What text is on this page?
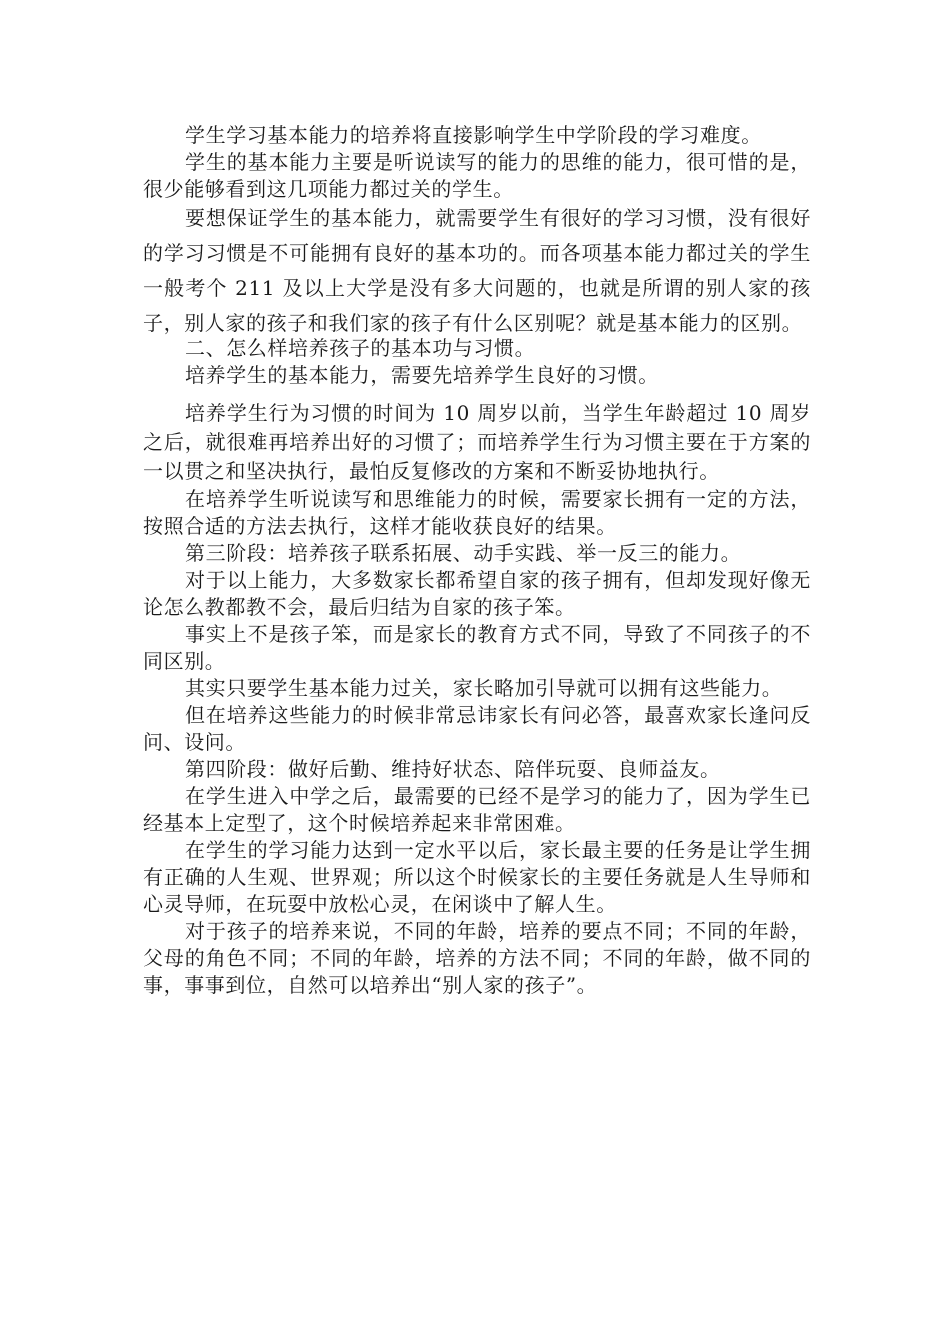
学生学习基本能力的培养将直接影响学生中学阶段的学习难度。

学生的基本能力主要是听说读写的能力的思维的能力，很可惜的是，很少能够看到这几项能力都过关的学生。

要想保证学生的基本能力，就需要学生有很好的学习习惯，没有很好的学习习惯是不可能拥有良好的基本功的。而各项基本能力都过关的学生一般考个 211 及以上大学是没有多大问题的，也就是所谓的别人家的孩子，别人家的孩子和我们家的孩子有什么区别呢？就是基本能力的区别。

二、怎么样培养孩子的基本功与习惯。

培养学生的基本能力，需要先培养学生良好的习惯。

培养学生行为习惯的时间为 10 周岁以前，当学生年龄超过 10 周岁之后，就很难再培养出好的习惯了；而培养学生行为习惯主要在于方案的一以贯之和坚决执行，最怕反复修改的方案和不断妥协地执行。

在培养学生听说读写和思维能力的时候，需要家长拥有一定的方法，按照合适的方法去执行，这样才能收获良好的结果。

第三阶段：培养孩子联系拓展、动手实践、举一反三的能力。

对于以上能力，大多数家长都希望自家的孩子拥有，但却发现好像无论怎么教都教不会，最后归结为自家的孩子笨。

事实上不是孩子笨，而是家长的教育方式不同，导致了不同孩子的不同区别。

其实只要学生基本能力过关，家长略加引导就可以拥有这些能力。

但在培养这些能力的时候非常忌讳家长有问必答，最喜欢家长逢问反问、设问。

第四阶段：做好后勤、维持好状态、陪伴玩耍、良师益友。

在学生进入中学之后，最需要的已经不是学习的能力了，因为学生已经基本上定型了，这个时候培养起来非常困难。

在学生的学习能力达到一定水平以后，家长最主要的任务是让学生拥有正确的人生观、世界观；所以这个时候家长的主要任务就是人生导师和心灵导师，在玩耍中放松心灵，在闲谈中了解人生。

对于孩子的培养来说，不同的年龄，培养的要点不同；不同的年龄，父母的角色不同；不同的年龄，培养的方法不同；不同的年龄，做不同的事，事事到位，自然可以培养出“别人家的孩子”。
